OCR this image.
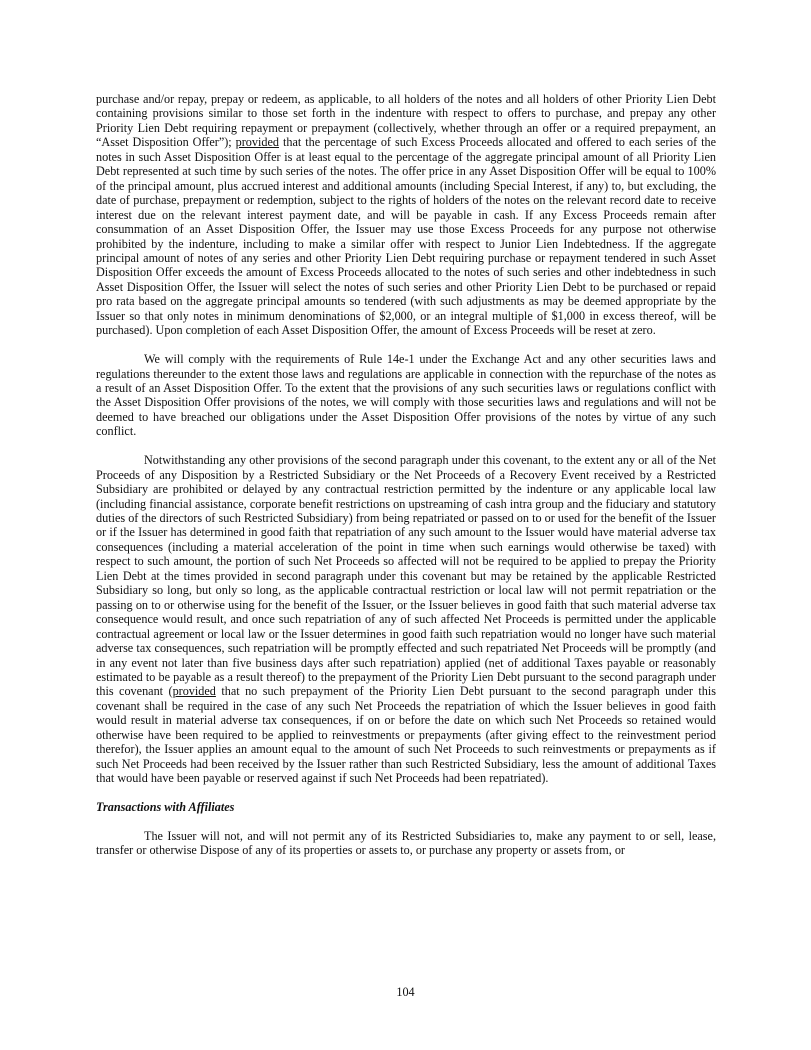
purchase and/or repay, prepay or redeem, as applicable, to all holders of the notes and all holders of other Priority Lien Debt containing provisions similar to those set forth in the indenture with respect to offers to purchase, and prepay any other Priority Lien Debt requiring repayment or prepayment (collectively, whether through an offer or a required prepayment, an “Asset Disposition Offer”); provided that the percentage of such Excess Proceeds allocated and offered to each series of the notes in such Asset Disposition Offer is at least equal to the percentage of the aggregate principal amount of all Priority Lien Debt represented at such time by such series of the notes. The offer price in any Asset Disposition Offer will be equal to 100% of the principal amount, plus accrued interest and additional amounts (including Special Interest, if any) to, but excluding, the date of purchase, prepayment or redemption, subject to the rights of holders of the notes on the relevant record date to receive interest due on the relevant interest payment date, and will be payable in cash. If any Excess Proceeds remain after consummation of an Asset Disposition Offer, the Issuer may use those Excess Proceeds for any purpose not otherwise prohibited by the indenture, including to make a similar offer with respect to Junior Lien Indebtedness. If the aggregate principal amount of notes of any series and other Priority Lien Debt requiring purchase or repayment tendered in such Asset Disposition Offer exceeds the amount of Excess Proceeds allocated to the notes of such series and other indebtedness in such Asset Disposition Offer, the Issuer will select the notes of such series and other Priority Lien Debt to be purchased or repaid pro rata based on the aggregate principal amounts so tendered (with such adjustments as may be deemed appropriate by the Issuer so that only notes in minimum denominations of $2,000, or an integral multiple of $1,000 in excess thereof, will be purchased). Upon completion of each Asset Disposition Offer, the amount of Excess Proceeds will be reset at zero.

We will comply with the requirements of Rule 14e-1 under the Exchange Act and any other securities laws and regulations thereunder to the extent those laws and regulations are applicable in connection with the repurchase of the notes as a result of an Asset Disposition Offer. To the extent that the provisions of any such securities laws or regulations conflict with the Asset Disposition Offer provisions of the notes, we will comply with those securities laws and regulations and will not be deemed to have breached our obligations under the Asset Disposition Offer provisions of the notes by virtue of any such conflict.

Notwithstanding any other provisions of the second paragraph under this covenant, to the extent any or all of the Net Proceeds of any Disposition by a Restricted Subsidiary or the Net Proceeds of a Recovery Event received by a Restricted Subsidiary are prohibited or delayed by any contractual restriction permitted by the indenture or any applicable local law (including financial assistance, corporate benefit restrictions on upstreaming of cash intra group and the fiduciary and statutory duties of the directors of such Restricted Subsidiary) from being repatriated or passed on to or used for the benefit of the Issuer or if the Issuer has determined in good faith that repatriation of any such amount to the Issuer would have material adverse tax consequences (including a material acceleration of the point in time when such earnings would otherwise be taxed) with respect to such amount, the portion of such Net Proceeds so affected will not be required to be applied to prepay the Priority Lien Debt at the times provided in second paragraph under this covenant but may be retained by the applicable Restricted Subsidiary so long, but only so long, as the applicable contractual restriction or local law will not permit repatriation or the passing on to or otherwise using for the benefit of the Issuer, or the Issuer believes in good faith that such material adverse tax consequence would result, and once such repatriation of any of such affected Net Proceeds is permitted under the applicable contractual agreement or local law or the Issuer determines in good faith such repatriation would no longer have such material adverse tax consequences, such repatriation will be promptly effected and such repatriated Net Proceeds will be promptly (and in any event not later than five business days after such repatriation) applied (net of additional Taxes payable or reasonably estimated to be payable as a result thereof) to the prepayment of the Priority Lien Debt pursuant to the second paragraph under this covenant (provided that no such prepayment of the Priority Lien Debt pursuant to the second paragraph under this covenant shall be required in the case of any such Net Proceeds the repatriation of which the Issuer believes in good faith would result in material adverse tax consequences, if on or before the date on which such Net Proceeds so retained would otherwise have been required to be applied to reinvestments or prepayments (after giving effect to the reinvestment period therefor), the Issuer applies an amount equal to the amount of such Net Proceeds to such reinvestments or prepayments as if such Net Proceeds had been received by the Issuer rather than such Restricted Subsidiary, less the amount of additional Taxes that would have been payable or reserved against if such Net Proceeds had been repatriated).

Transactions with Affiliates

The Issuer will not, and will not permit any of its Restricted Subsidiaries to, make any payment to or sell, lease, transfer or otherwise Dispose of any of its properties or assets to, or purchase any property or assets from, or

104
